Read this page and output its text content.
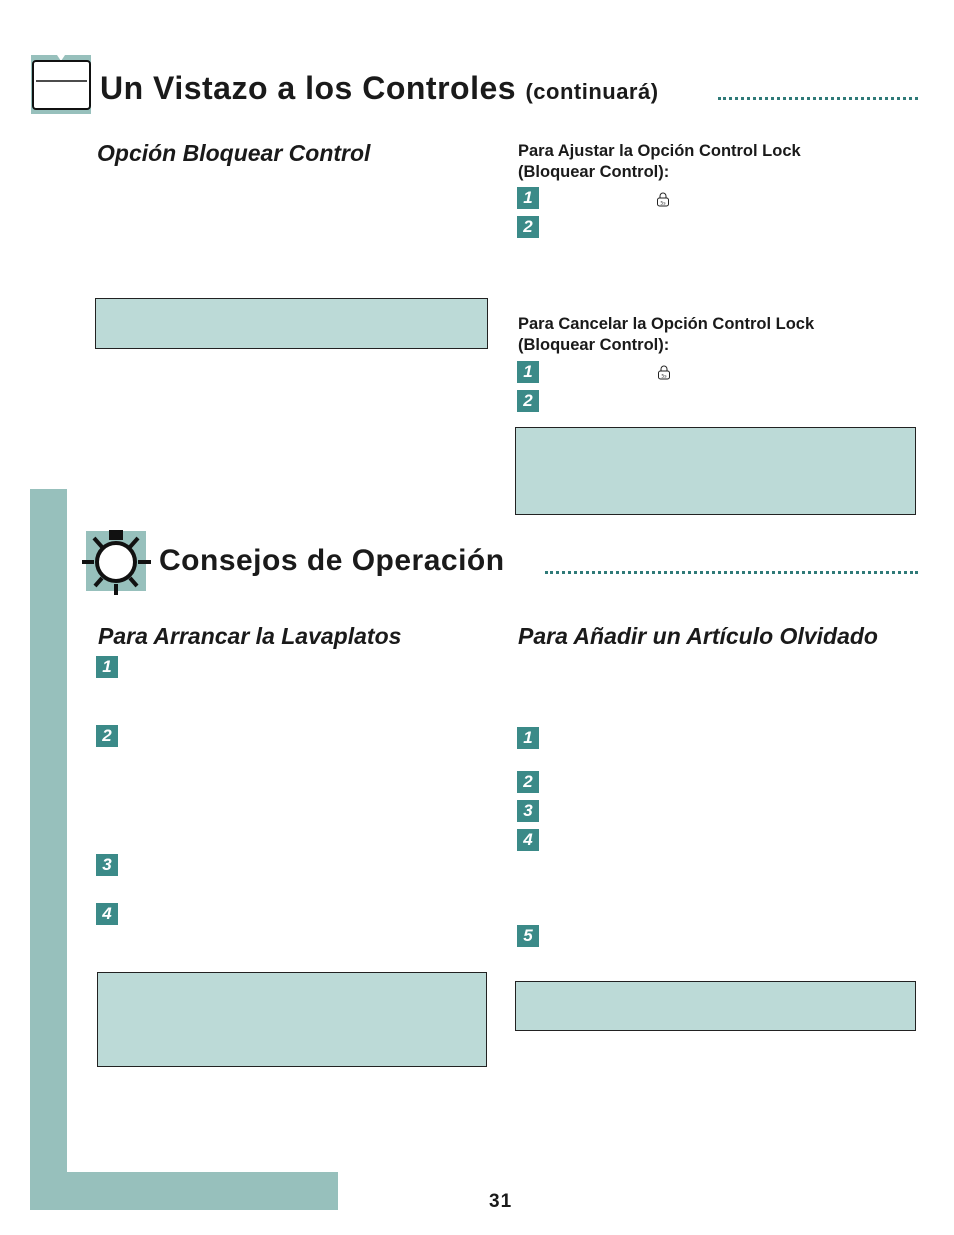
Un Vistazo a los Controles (continuará)
Opción Bloquear Control	Para Ajustar la Opción Control Lock
(Bloquear Control):
1	5s
2
Para Cancelar la Opción Control Lock
(Bloquear Control):
1	5s
2
Consejos de Operación
Para Arrancar la Lavaplatos
1
2
3
4
Para Añadir un Artículo Olvidado
1
2
3
4
5
31
